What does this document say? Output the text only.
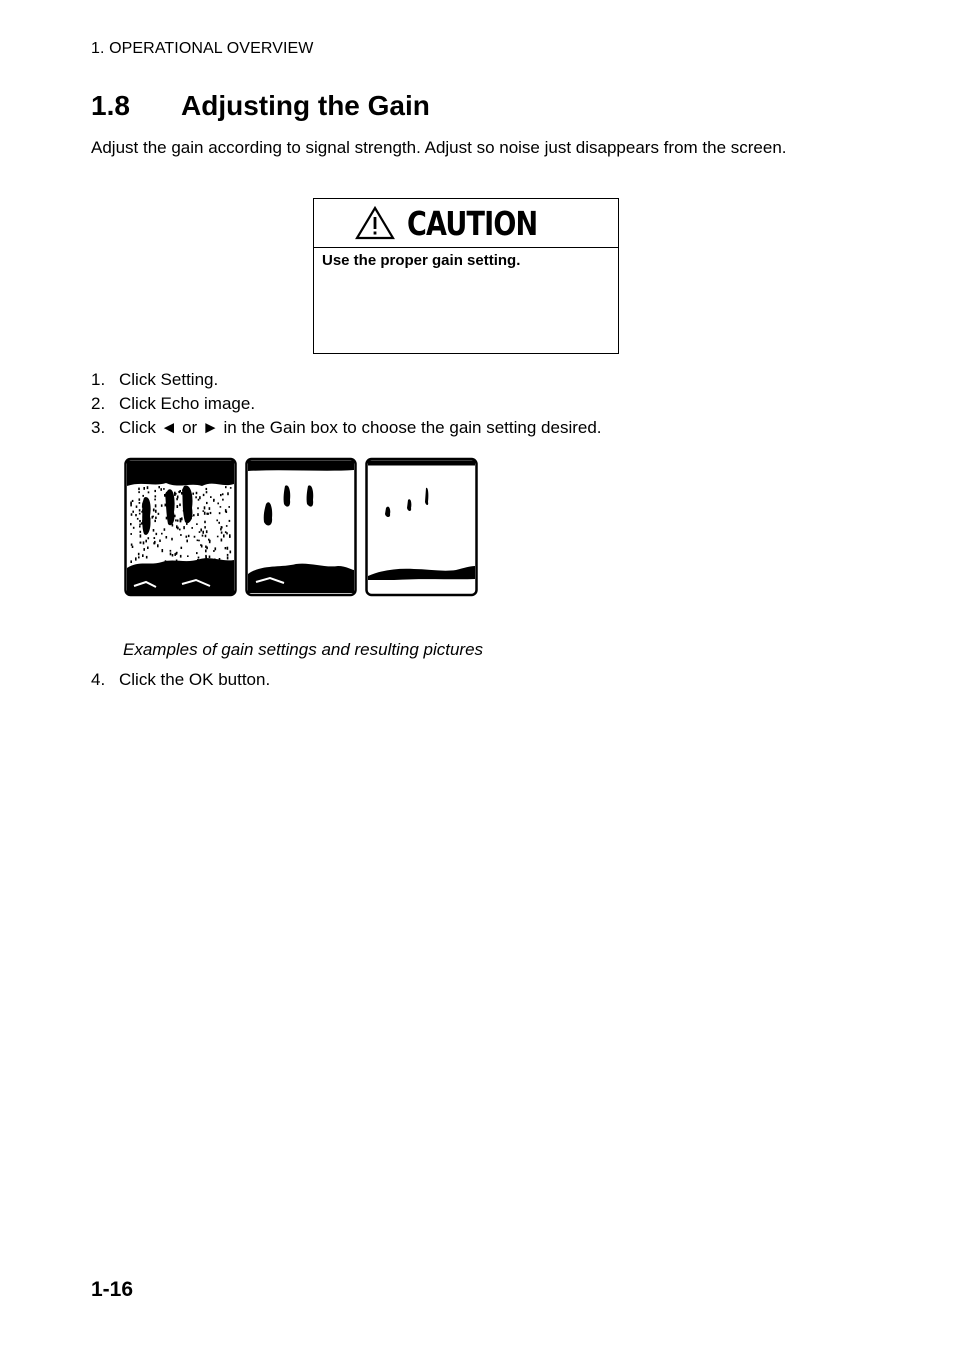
1. OPERATIONAL OVERVIEW
1.8 Adjusting the Gain

Adjust the gain according to signal strength. Adjust so noise just disappears from the screen.

CAUTION
Use the proper gain setting.
1. Click Setting.
2. Click Echo image.
3. Click ◄ or ► in the Gain box to choose the gain setting desired.
Examples of gain settings and resulting pictures
4. Click the OK button.
1-16
